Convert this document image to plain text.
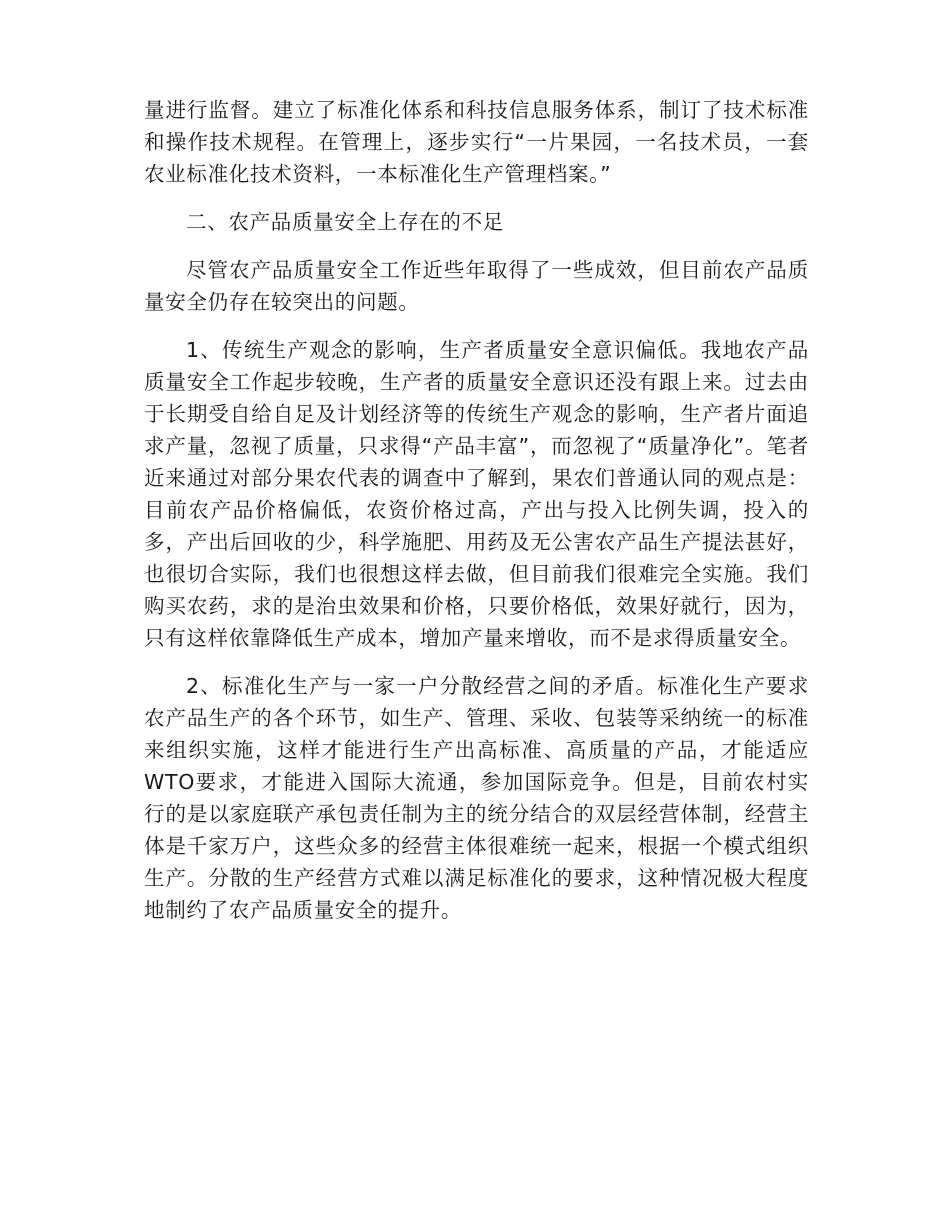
量进行监督。建立了标准化体系和科技信息服务体系，制订了技术标准和操作技术规程。在管理上，逐步实行“一片果园，一名技术员，一套农业标准化技术资料，一本标准化生产管理档案。”

二、农产品质量安全上存在的不足

尽管农产品质量安全工作近些年取得了一些成效，但目前农产品质量安全仍存在较突出的问题。

1、传统生产观念的影响，生产者质量安全意识偏低。我地农产品质量安全工作起步较晚，生产者的质量安全意识还没有跟上来。过去由于长期受自给自足及计划经济等的传统生产观念的影响，生产者片面追求产量，忽视了质量，只求得“产品丰富”，而忽视了“质量净化”。笔者近来通过对部分果农代表的调查中了解到，果农们普通认同的观点是：目前农产品价格偏低，农资价格过高，产出与投入比例失调，投入的多，产出后回收的少，科学施肥、用药及无公害农产品生产提法甚好，也很切合实际，我们也很想这样去做，但目前我们很难完全实施。我们购买农药，求的是治虫效果和价格，只要价格低，效果好就行，因为，只有这样依靠降低生产成本，增加产量来增收，而不是求得质量安全。

2、标准化生产与一家一户分散经营之间的矛盾。标准化生产要求农产品生产的各个环节，如生产、管理、采收、包装等采纳统一的标准来组织实施，这样才能进行生产出高标准、高质量的产品，才能适应WTO要求，才能进入国际大流通，参加国际竞争。但是，目前农村实行的是以家庭联产承包责任制为主的统分结合的双层经营体制，经营主体是千家万户，这些众多的经营主体很难统一起来，根据一个模式组织生产。分散的生产经营方式难以满足标准化的要求，这种情况极大程度地制约了农产品质量安全的提升。
